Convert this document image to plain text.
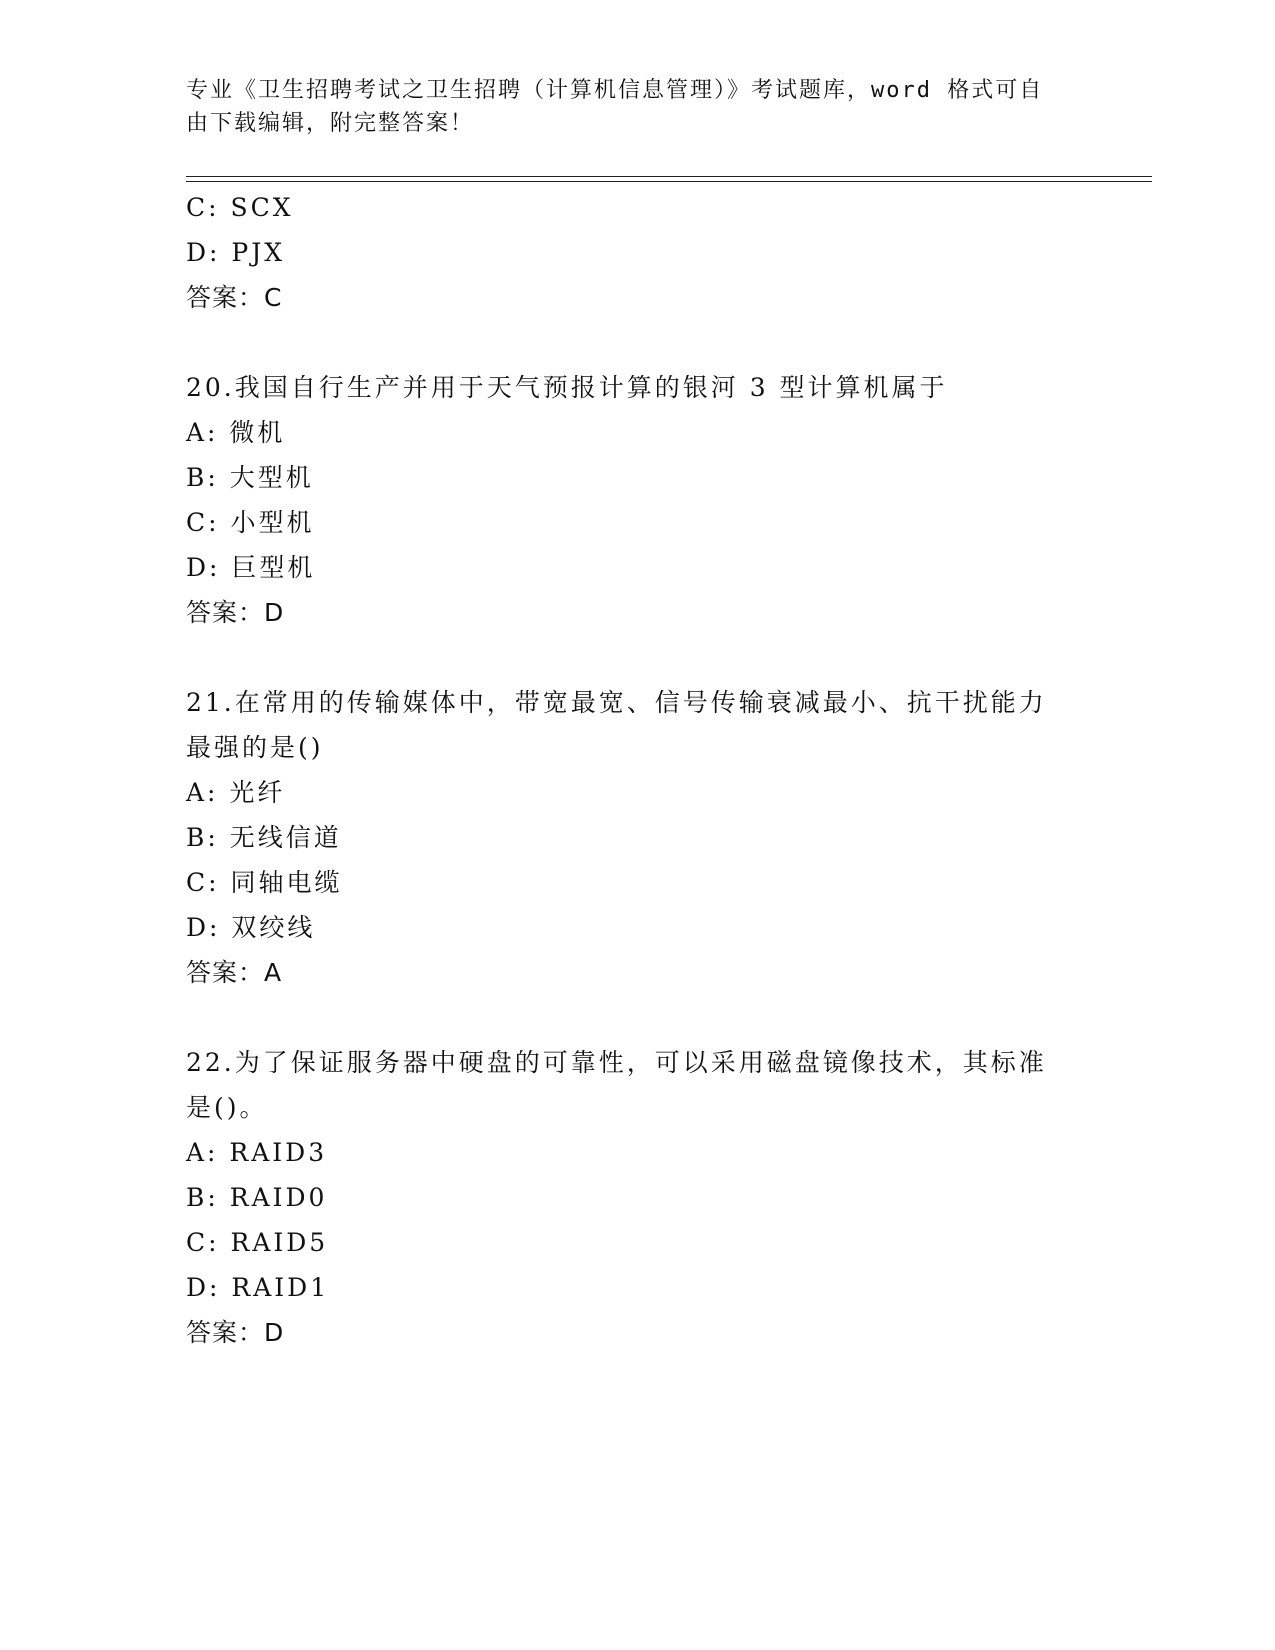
专业《卫生招聘考试之卫生招聘（计算机信息管理）》考试题库，word 格式可自
由下载编辑，附完整答案！
C: SCX
D: PJX
答案：C
20.我国自行生产并用于天气预报计算的银河 3 型计算机属于
A: 微机
B: 大型机
C: 小型机
D: 巨型机
答案：D
21.在常用的传输媒体中，带宽最宽、信号传输衰减最小、抗干扰能力
最强的是()
A: 光纤
B: 无线信道
C: 同轴电缆
D: 双绞线
答案：A
22.为了保证服务器中硬盘的可靠性，可以采用磁盘镜像技术，其标准
是()。
A: RAID3
B: RAID0
C: RAID5
D: RAID1
答案：D
